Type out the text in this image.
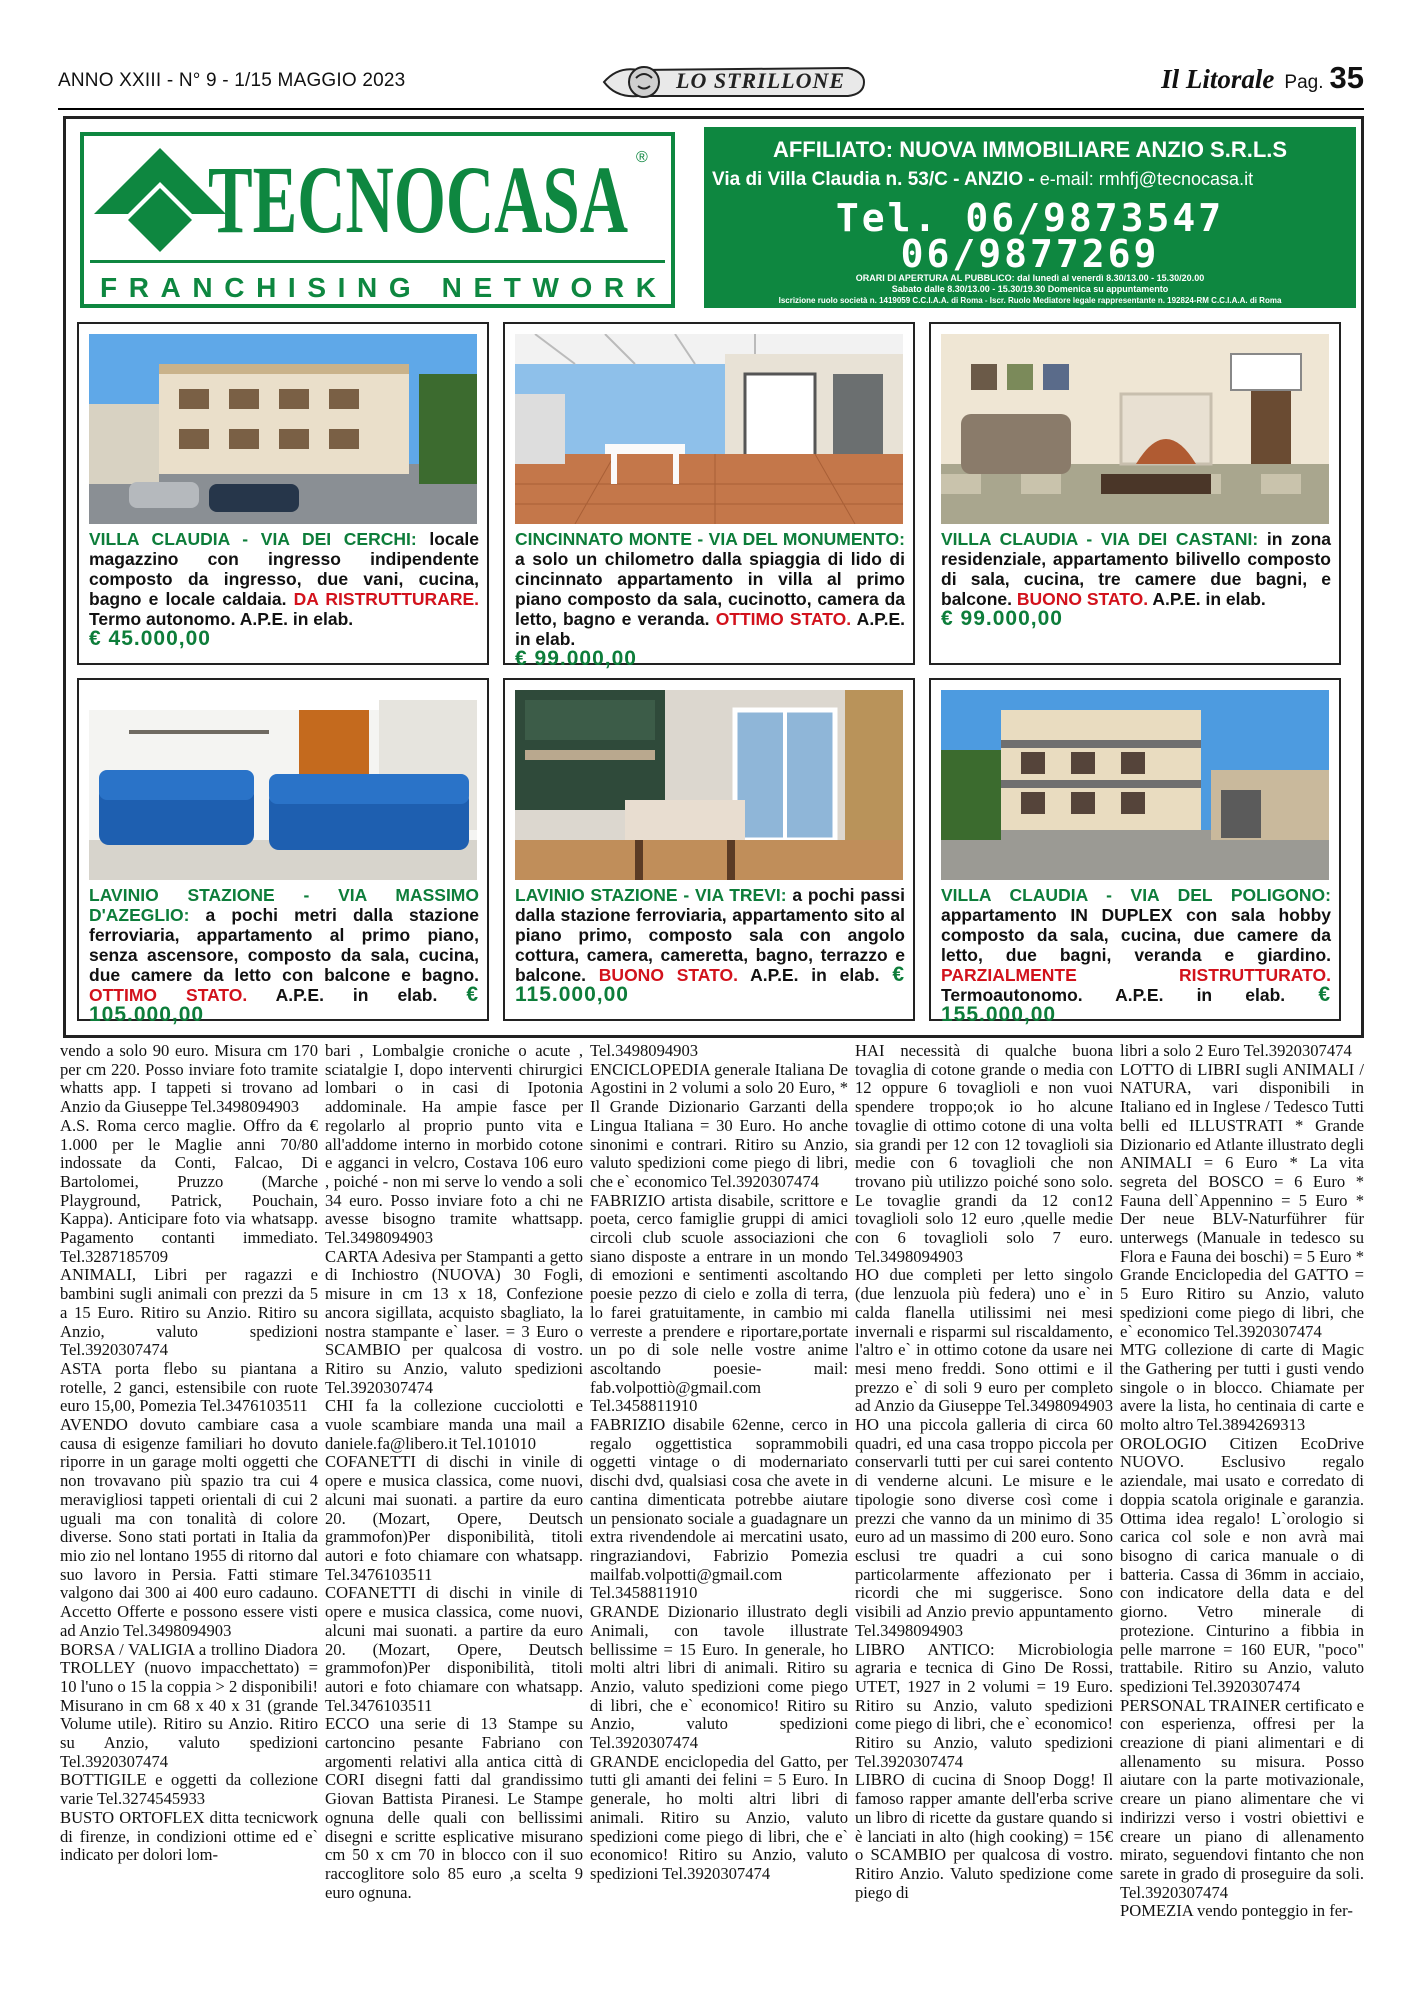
ANNO XXIII - N° 9 - 1/15 MAGGIO 2023	LO STRILLONE	Il Litorale Pag. 35
TECNOCASA ®
FRANCHISING NETWORK
AFFILIATO: NUOVA IMMOBILIARE ANZIO S.R.L.S
Via di Villa Claudia n. 53/C - ANZIO - e-mail: rmhfj@tecnocasa.it
Tel. 06/9873547
06/9877269
ORARI DI APERTURA AL PUBBLICO: dal lunedì al venerdì 8.30/13.00 - 15.30/20.00
Sabato dalle 8.30/13.00 - 15.30/19.30 Domenica su appuntamento
Iscrizione ruolo società n. 1419059 C.C.I.A.A. di Roma - Iscr. Ruolo Mediatore legale rappresentante n. 192824-RM C.C.I.A.A. di Roma
VILLA CLAUDIA - VIA DEI CERCHI: locale magazzino con ingresso indipendente composto da ingresso, due vani, cucina, bagno e locale caldaia. DA RISTRUTTURARE. Termo autonomo. A.P.E. in elab.
€ 45.000,00
CINCINNATO MONTE - VIA DEL MONUMENTO: a solo un chilometro dalla spiaggia di lido di cincinnato appartamento in villa al primo piano composto da sala, cucinotto, camera da letto, bagno e veranda. OTTIMO STATO. A.P.E. in elab.
€ 99.000,00
VILLA CLAUDIA - VIA DEI CASTANI: in zona residenziale, appartamento bilivello composto di sala, cucina, tre camere due bagni, e balcone. BUONO STATO. A.P.E. in elab.
€ 99.000,00
LAVINIO STAZIONE - VIA MASSIMO D'AZEGLIO: a pochi metri dalla stazione ferroviaria, appartamento al primo piano, senza ascensore, composto da sala, cucina, due camere da letto con balcone e bagno. OTTIMO STATO. A.P.E. in elab. € 105.000,00
LAVINIO STAZIONE - VIA TREVI: a pochi passi dalla stazione ferroviaria, appartamento sito al piano primo, composto sala con angolo cottura, camera, cameretta, bagno, terrazzo e balcone. BUONO STATO. A.P.E. in elab. € 115.000,00
VILLA CLAUDIA - VIA DEL POLIGONO: appartamento IN DUPLEX con sala hobby composto da sala, cucina, due camere da letto, due bagni, veranda e giardino. PARZIALMENTE RISTRUTTURATO. Termoautonomo. A.P.E. in elab. € 155.000,00

vendo a solo 90 euro. Misura cm 170 per cm 220. Posso inviare foto tramite whatts app. I tappeti si trovano ad Anzio da Giuseppe Tel.3498094903

A.S. Roma cerco maglie. Offro da € 1.000 per le Maglie anni 70/80 indossate da Conti, Falcao, Di Bartolomei, Pruzzo (Marche Playground, Patrick, Pouchain, Kappa). Anticipare foto via whatsapp. Pagamento contanti immediato. Tel.3287185709

ANIMALI, Libri per ragazzi e bambini sugli animali con prezzi da 5 a 15 Euro. Ritiro su Anzio. Ritiro su Anzio, valuto spedizioni Tel.3920307474

ASTA porta flebo su piantana a rotelle, 2 ganci, estensibile con ruote euro 15,00, Pomezia Tel.3476103511

AVENDO dovuto cambiare casa a causa di esigenze familiari ho dovuto riporre in un garage molti oggetti che non trovavano più spazio tra cui 4 meravigliosi tappeti orientali di cui 2 uguali ma con tonalità di colore diverse. Sono stati portati in Italia da mio zio nel lontano 1955 di ritorno dal suo lavoro in Persia. Fatti stimare valgono dai 300 ai 400 euro cadauno. Accetto Offerte e possono essere visti ad Anzio Tel.3498094903

BORSA / VALIGIA a trollino Diadora TROLLEY (nuovo impacchettato) = 10 l'uno o 15 la coppia > 2 disponibili! Misurano in cm 68 x 40 x 31 (grande Volume utile). Ritiro su Anzio. Ritiro su Anzio, valuto spedizioni Tel.3920307474

BOTTIGILE e oggetti da collezione varie Tel.3274545933

BUSTO ORTOFLEX ditta tecnicwork di firenze, in condizioni ottime ed e` indicato per dolori lom-

bari , Lombalgie croniche o acute , sciatalgie I, dopo interventi chirurgici lombari o in casi di Ipotonia addominale. Ha ampie fasce per regolarlo al proprio punto vita e all'addome interno in morbido cotone e agganci in velcro, Costava 106 euro , poiché - non mi serve lo vendo a soli 34 euro. Posso inviare foto a chi ne avesse bisogno tramite whattsapp. Tel.3498094903

CARTA Adesiva per Stampanti a getto di Inchiostro (NUOVA) 30 Fogli, misure in cm 13 x 18, Confezione ancora sigillata, acquisto sbagliato, la nostra stampante e` laser. = 3 Euro o SCAMBIO per qualcosa di vostro. Ritiro su Anzio, valuto spedizioni Tel.3920307474

CHI fa la collezione cucciolotti e vuole scambiare manda una mail a daniele.fa@libero.it Tel.101010

COFANETTI di dischi in vinile di opere e musica classica, come nuovi, alcuni mai suonati. a partire da euro 20. (Mozart, Opere, Deutsch grammofon)Per disponibilità, titoli autori e foto chiamare con whatsapp. Tel.3476103511

COFANETTI di dischi in vinile di opere e musica classica, come nuovi, alcuni mai suonati. a partire da euro 20. (Mozart, Opere, Deutsch grammofon)Per disponibilità, titoli autori e foto chiamare con whatsapp. Tel.3476103511

ECCO una serie di 13 Stampe su cartoncino pesante Fabriano con argomenti relativi alla antica città di CORI disegni fatti dal grandissimo Giovan Battista Piranesi. Le Stampe ognuna delle quali con bellissimi disegni e scritte esplicative misurano cm 50 x cm 70 in blocco con il suo raccoglitore solo 85 euro ,a scelta 9 euro ognuna.

Tel.3498094903

ENCICLOPEDIA generale Italiana De Agostini in 2 volumi a solo 20 Euro, * Il Grande Dizionario Garzanti della Lingua Italiana = 30 Euro. Ho anche sinonimi e contrari. Ritiro su Anzio, valuto spedizioni come piego di libri, che e` economico Tel.3920307474

FABRIZIO artista disabile, scrittore e poeta, cerco famiglie gruppi di amici circoli club scuole associazioni che siano disposte a entrare in un mondo di emozioni e sentimenti ascoltando poesie pezzo di cielo e zolla di terra, lo farei gratuitamente, in cambio mi verreste a prendere e riportare,portate un po di sole nelle vostre anime ascoltando poesie- mail: fab.volpottiò@gmail.com Tel.3458811910

FABRIZIO disabile 62enne, cerco in regalo oggettistica soprammobili oggetti vintage o di modernariato dischi dvd, qualsiasi cosa che avete in cantina dimenticata potrebbe aiutare un pensionato sociale a guadagnare un extra rivendendole ai mercatini usato, ringraziandovi, Fabrizio Pomezia mailfab.volpotti@gmail.com Tel.3458811910

GRANDE Dizionario illustrato degli Animali, con tavole illustrate bellissime = 15 Euro. In generale, ho molti altri libri di animali. Ritiro su Anzio, valuto spedizioni come piego di libri, che e` economico! Ritiro su Anzio, valuto spedizioni Tel.3920307474

GRANDE enciclopedia del Gatto, per tutti gli amanti dei felini = 5 Euro. In generale, ho molti altri libri di animali. Ritiro su Anzio, valuto spedizioni come piego di libri, che e` economico! Ritiro su Anzio, valuto spedizioni Tel.3920307474

HAI necessità di qualche buona tovaglia di cotone grande o media con 12 oppure 6 tovaglioli e non vuoi spendere troppo;ok io ho alcune tovaglie di ottimo cotone di una volta sia grandi per 12 con 12 tovaglioli sia medie con 6 tovaglioli che non trovano più utilizzo poiché sono solo. Le tovaglie grandi da 12 con12 tovaglioli solo 12 euro ,quelle medie con 6 tovaglioli solo 7 euro. Tel.3498094903

HO due completi per letto singolo (due lenzuola più federa) uno e` in calda flanella utilissimi nei mesi invernali e risparmi sul riscaldamento, l'altro e` in ottimo cotone da usare nei mesi meno freddi. Sono ottimi e il prezzo e` di soli 9 euro per completo ad Anzio da Giuseppe Tel.3498094903

HO una piccola galleria di circa 60 quadri, ed una casa troppo piccola per conservarli tutti per cui sarei contento di venderne alcuni. Le misure e le tipologie sono diverse così come i prezzi che vanno da un minimo di 35 euro ad un massimo di 200 euro. Sono esclusi tre quadri a cui sono particolarmente affezionato per i ricordi che mi suggerisce. Sono visibili ad Anzio previo appuntamento Tel.3498094903

LIBRO ANTICO: Microbiologia agraria e tecnica di Gino De Rossi, UTET, 1927 in 2 volumi = 19 Euro. Ritiro su Anzio, valuto spedizioni come piego di libri, che e` economico! Ritiro su Anzio, valuto spedizioni Tel.3920307474

LIBRO di cucina di Snoop Dogg! Il famoso rapper amante dell'erba scrive un libro di ricette da gustare quando si è lanciati in alto (high cooking) = 15€ o SCAMBIO per qualcosa di vostro. Ritiro Anzio. Valuto spedizione come piego di

libri a solo 2 Euro Tel.3920307474

LOTTO di LIBRI sugli ANIMALI / NATURA, vari disponibili in Italiano ed in Inglese / Tedesco Tutti belli ed ILLUSTRATI * Grande Dizionario ed Atlante illustrato degli ANIMALI = 6 Euro * La vita segreta del BOSCO = 6 Euro * Fauna dell`Appennino = 5 Euro * Der neue BLV-Naturführer für unterwegs (Manuale in tedesco su Flora e Fauna dei boschi) = 5 Euro * Grande Enciclopedia del GATTO = 5 Euro Ritiro su Anzio, valuto spedizioni come piego di libri, che e` economico Tel.3920307474

MTG collezione di carte di Magic the Gathering per tutti i gusti vendo singole o in blocco. Chiamate per avere la lista, ho centinaia di carte e molto altro Tel.3894269313

OROLOGIO Citizen EcoDrive NUOVO. Esclusivo regalo aziendale, mai usato e corredato di doppia scatola originale e garanzia. Ottima idea regalo! L`orologio si carica col sole e non avrà mai bisogno di carica manuale o di batteria. Cassa di 36mm in acciaio, con indicatore della data e del giorno. Vetro minerale di protezione. Cinturino a fibbia in pelle marrone = 160 EUR, "poco" trattabile. Ritiro su Anzio, valuto spedizioni Tel.3920307474

PERSONAL TRAINER certificato e con esperienza, offresi per la creazione di piani alimentari e di allenamento su misura. Posso aiutare con la parte motivazionale, creare un piano alimentare che vi indirizzi verso i vostri obiettivi e creare un piano di allenamento mirato, seguendovi fintanto che non sarete in grado di proseguire da soli. Tel.3920307474

POMEZIA vendo ponteggio in fer-
